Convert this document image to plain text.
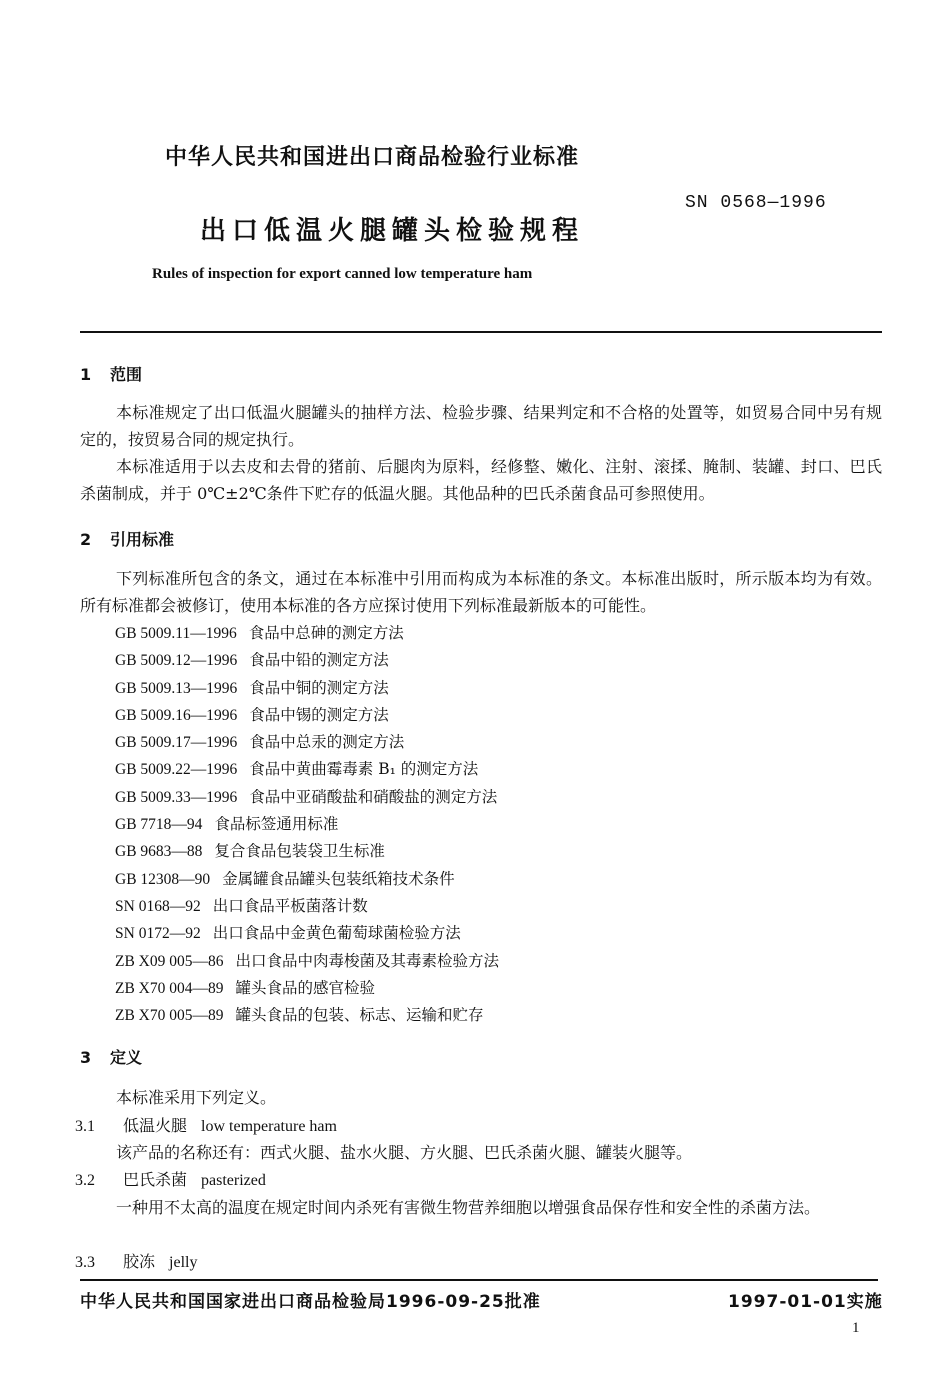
中华人民共和国进出口商品检验行业标准
SN 0568—1996
出口低温火腿罐头检验规程
Rules of inspection for export canned low temperature ham
1 范围

本标准规定了出口低温火腿罐头的抽样方法、检验步骤、结果判定和不合格的处置等，如贸易合同中另有规定的，按贸易合同的规定执行。

本标准适用于以去皮和去骨的猪前、后腿肉为原料，经修整、嫩化、注射、滚揉、腌制、装罐、封口、巴氏杀菌制成，并于 0℃±2℃条件下贮存的低温火腿。其他品种的巴氏杀菌食品可参照使用。

2 引用标准

下列标准所包含的条文，通过在本标准中引用而构成为本标准的条文。本标准出版时，所示版本均为有效。所有标准都会被修订，使用本标准的各方应探讨使用下列标准最新版本的可能性。

GB 5009.11—1996 食品中总砷的测定方法
GB 5009.12—1996 食品中铅的测定方法
GB 5009.13—1996 食品中铜的测定方法
GB 5009.16—1996 食品中锡的测定方法
GB 5009.17—1996 食品中总汞的测定方法
GB 5009.22—1996 食品中黄曲霉毒素 B₁ 的测定方法
GB 5009.33—1996 食品中亚硝酸盐和硝酸盐的测定方法
GB 7718—94 食品标签通用标准
GB 9683—88 复合食品包装袋卫生标准
GB 12308—90 金属罐食品罐头包装纸箱技术条件
SN 0168—92 出口食品平板菌落计数
SN 0172—92 出口食品中金黄色葡萄球菌检验方法
ZB X09 005—86 出口食品中肉毒梭菌及其毒素检验方法
ZB X70 004—89 罐头食品的感官检验
ZB X70 005—89 罐头食品的包装、标志、运输和贮存
3 定义
本标准采用下列定义。
3.1 低温火腿 low temperature ham
该产品的名称还有：西式火腿、盐水火腿、方火腿、巴氏杀菌火腿、罐装火腿等。
3.2 巴氏杀菌 pasterized

一种用不太高的温度在规定时间内杀死有害微生物营养细胞以增强食品保存性和安全性的杀菌方法。

3.3 胶冻 jelly
中华人民共和国国家进出口商品检验局1996-09-25批准	1997-01-01实施
1
